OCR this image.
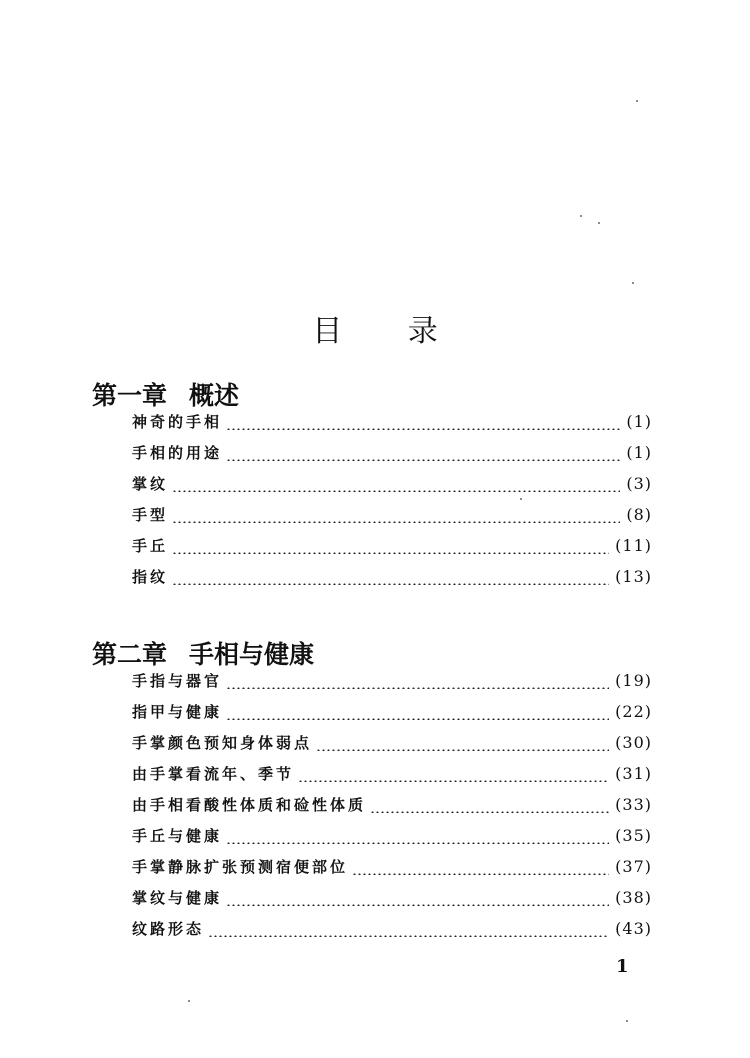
目 录
第一章 概述
神奇的手相	(1)
手相的用途	(1)
掌纹	(3)
手型	(8)
手丘	(11)
指纹	(13)
第二章 手相与健康
手指与器官	(19)
指甲与健康	(22)
手掌颜色预知身体弱点	(30)
由手掌看流年、季节	(31)
由手相看酸性体质和硷性体质	(33)
手丘与健康	(35)
手掌静脉扩张预测宿便部位	(37)
掌纹与健康	(38)
纹路形态	(43)
1
